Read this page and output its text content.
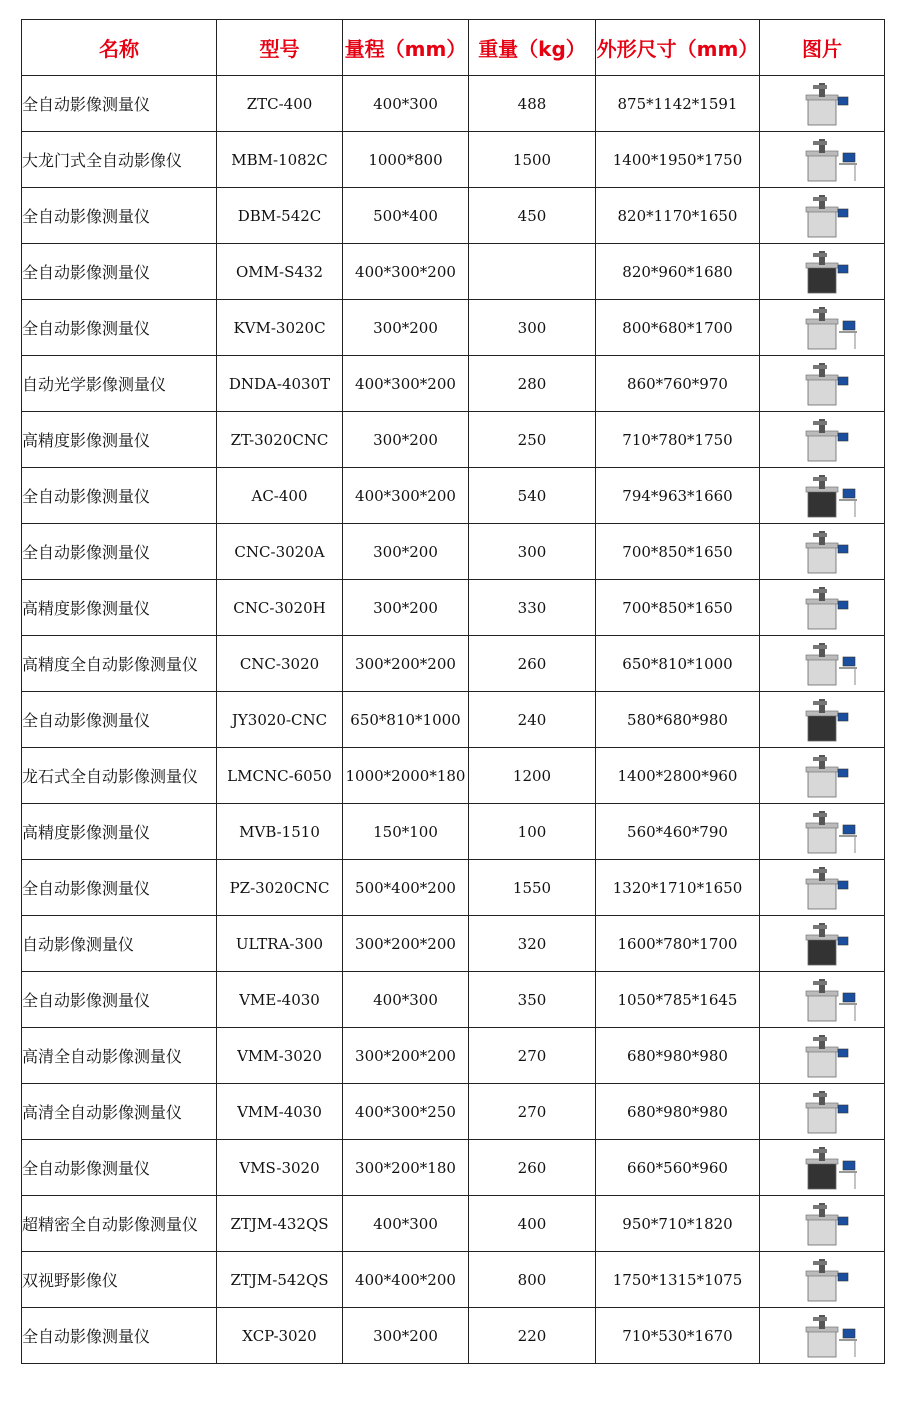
名称	型号	量程（mm）	重量（kg）	外形尺寸（mm）	图片
全自动影像测量仪	ZTC-400	400*300	488	875*1142*1591	

大龙门式全自动影像仪	MBM-1082C	1000*800	1500	1400*1950*1750	

全自动影像测量仪	DBM-542C	500*400	450	820*1170*1650	

全自动影像测量仪	OMM-S432	400*300*200		820*960*1680	

全自动影像测量仪	KVM-3020C	300*200	300	800*680*1700	

自动光学影像测量仪	DNDA-4030T	400*300*200	280	860*760*970	

高精度影像测量仪	ZT-3020CNC	300*200	250	710*780*1750	

全自动影像测量仪	AC-400	400*300*200	540	794*963*1660	

全自动影像测量仪	CNC-3020A	300*200	300	700*850*1650	

高精度影像测量仪	CNC-3020H	300*200	330	700*850*1650	

高精度全自动影像测量仪	CNC-3020	300*200*200	260	650*810*1000	

全自动影像测量仪	JY3020-CNC	650*810*1000	240	580*680*980	

龙石式全自动影像测量仪	LMCNC-6050	1000*2000*180	1200	1400*2800*960	

高精度影像测量仪	MVB-1510	150*100	100	560*460*790	

全自动影像测量仪	PZ-3020CNC	500*400*200	1550	1320*1710*1650	

自动影像测量仪	ULTRA-300	300*200*200	320	1600*780*1700	

全自动影像测量仪	VME-4030	400*300	350	1050*785*1645	

高清全自动影像测量仪	VMM-3020	300*200*200	270	680*980*980	

高清全自动影像测量仪	VMM-4030	400*300*250	270	680*980*980	

全自动影像测量仪	VMS-3020	300*200*180	260	660*560*960	

超精密全自动影像测量仪	ZTJM-432QS	400*300	400	950*710*1820	

双视野影像仪	ZTJM-542QS	400*400*200	800	1750*1315*1075	

全自动影像测量仪	XCP-3020	300*200	220	710*530*1670	
